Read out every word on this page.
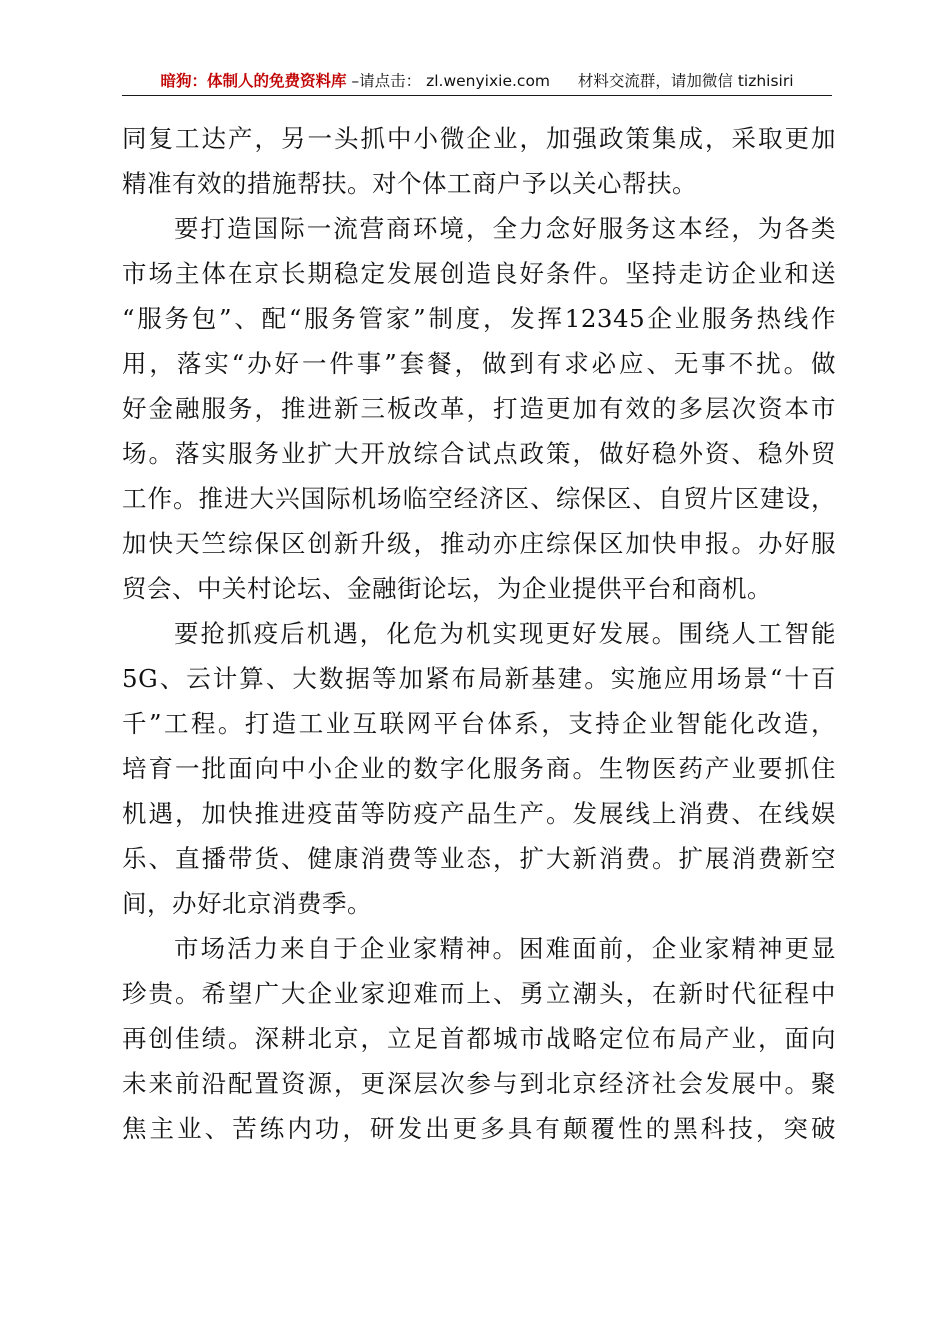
暗狗：体制人的免费资料库 –请点击： zl.wenyixie.com 材料交流群，请加微信 tizhisiri
同复工达产，另一头抓中小微企业，加强政策集成，采取更加
精准有效的措施帮扶。对个体工商户予以关心帮扶。
要打造国际一流营商环境，全力念好服务这本经，为各类
市场主体在京长期稳定发展创造良好条件。坚持走访企业和送
“服务包”、配“服务管家”制度，发挥12345企业服务热线作
用，落实“办好一件事”套餐，做到有求必应、无事不扰。做
好金融服务，推进新三板改革，打造更加有效的多层次资本市
场。落实服务业扩大开放综合试点政策，做好稳外资、稳外贸
工作。推进大兴国际机场临空经济区、综保区、自贸片区建设，
加快天竺综保区创新升级，推动亦庄综保区加快申报。办好服
贸会、中关村论坛、金融街论坛，为企业提供平台和商机。
要抢抓疫后机遇，化危为机实现更好发展。围绕人工智能
5G、云计算、大数据等加紧布局新基建。实施应用场景“十百
千”工程。打造工业互联网平台体系，支持企业智能化改造，
培育一批面向中小企业的数字化服务商。生物医药产业要抓住
机遇，加快推进疫苗等防疫产品生产。发展线上消费、在线娱
乐、直播带货、健康消费等业态，扩大新消费。扩展消费新空
间，办好北京消费季。
市场活力来自于企业家精神。困难面前，企业家精神更显
珍贵。希望广大企业家迎难而上、勇立潮头，在新时代征程中
再创佳绩。深耕北京，立足首都城市战略定位布局产业，面向
未来前沿配置资源，更深层次参与到北京经济社会发展中。聚
焦主业、苦练内功，研发出更多具有颠覆性的黑科技，突破
